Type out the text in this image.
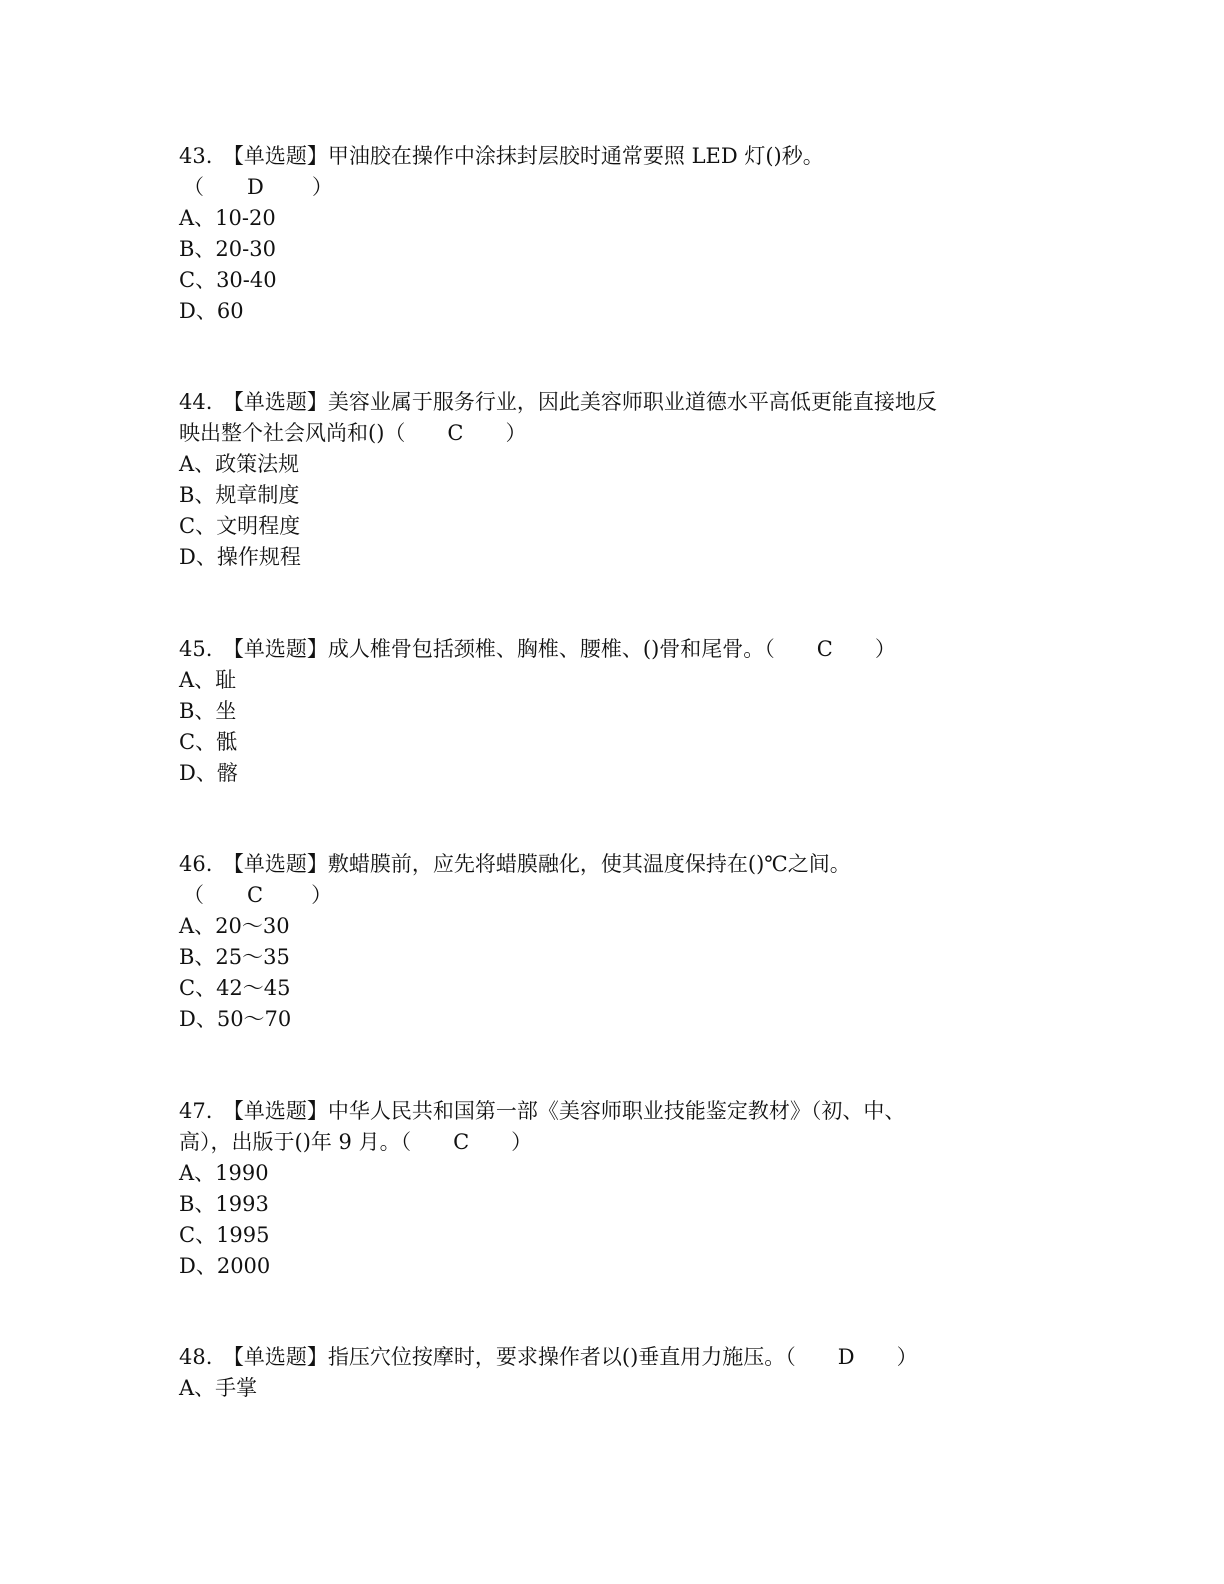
43.　【单选题】甲油胶在操作中涂抹封层胶时通常要照 LED 灯()秒。
（ D ）
A、10-20
B、20-30
C、30-40
D、60
44.　【单选题】美容业属于服务行业，因此美容师职业道德水平高低更能直接地反
映出整个社会风尚和()（　　C　　）
A、政策法规
B、规章制度
C、文明程度
D、操作规程
45.　【单选题】成人椎骨包括颈椎、胸椎、腰椎、()骨和尾骨。（　　C　　）
A、耻
B、坐
C、骶
D、髂
46.　【单选题】敷蜡膜前，应先将蜡膜融化，使其温度保持在()℃之间。
（ C ）
A、20～30
B、25～35
C、42～45
D、50～70
47.　【单选题】中华人民共和国第一部《美容师职业技能鉴定教材》（初、中、
高），出版于()年 9 月。（　　C　　）
A、1990
B、1993
C、1995
D、2000
48.　【单选题】指压穴位按摩时，要求操作者以()垂直用力施压。（　　D　　）
A、手掌
